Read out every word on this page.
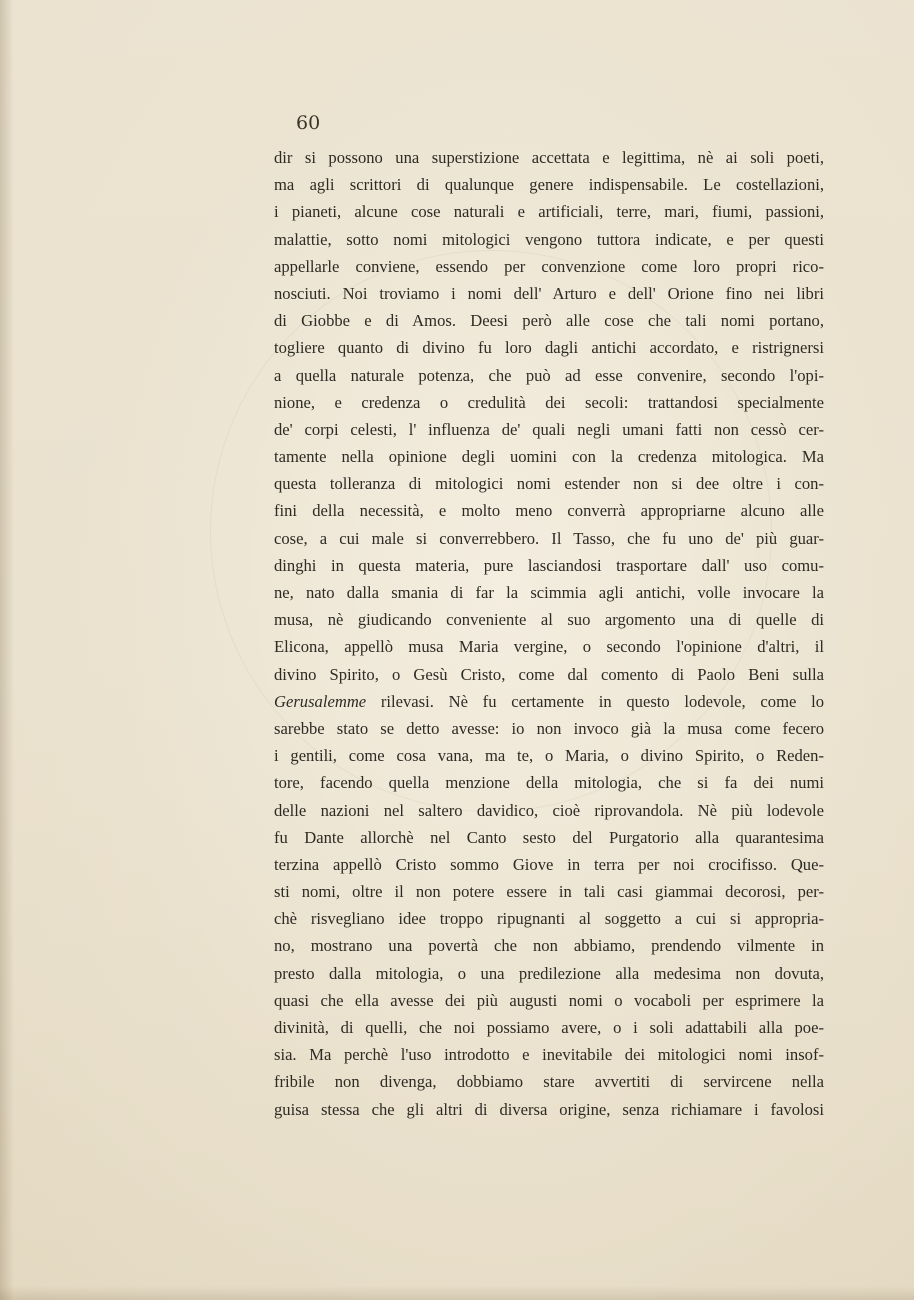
60
dir si possono una superstizione accettata e legittima, nè ai soli poeti,
ma agli scrittori di qualunque genere indispensabile. Le costellazioni,
i pianeti, alcune cose naturali e artificiali, terre, mari, fiumi, passioni,
malattie, sotto nomi mitologici vengono tuttora indicate, e per questi
appellarle conviene, essendo per convenzione come loro propri rico-
nosciuti. Noi troviamo i nomi dell' Arturo e dell' Orione fino nei libri
di Giobbe e di Amos. Deesi però alle cose che tali nomi portano,
togliere quanto di divino fu loro dagli antichi accordato, e ristrignersi
a quella naturale potenza, che può ad esse convenire, secondo l'opi-
nione, e credenza o credulità dei secoli: trattandosi specialmente
de' corpi celesti, l' influenza de' quali negli umani fatti non cessò cer-
tamente nella opinione degli uomini con la credenza mitologica. Ma
questa tolleranza di mitologici nomi estender non si dee oltre i con-
fini della necessità, e molto meno converrà appropriarne alcuno alle
cose, a cui male si converrebbero. Il Tasso, che fu uno de' più guar-
dinghi in questa materia, pure lasciandosi trasportare dall' uso comu-
ne, nato dalla smania di far la scimmia agli antichi, volle invocare la
musa, nè giudicando conveniente al suo argomento una di quelle di
Elicona, appellò musa Maria vergine, o secondo l'opinione d'altri, il
divino Spirito, o Gesù Cristo, come dal comento di Paolo Beni sulla
Gerusalemme rilevasi. Nè fu certamente in questo lodevole, come lo
sarebbe stato se detto avesse: io non invoco già la musa come fecero
i gentili, come cosa vana, ma te, o Maria, o divino Spirito, o Reden-
tore, facendo quella menzione della mitologia, che si fa dei numi
delle nazioni nel saltero davidico, cioè riprovandola. Nè più lodevole
fu Dante allorchè nel Canto sesto del Purgatorio alla quarantesima
terzina appellò Cristo sommo Giove in terra per noi crocifisso. Que-
sti nomi, oltre il non potere essere in tali casi giammai decorosi, per-
chè risvegliano idee troppo ripugnanti al soggetto a cui si appropria-
no, mostrano una povertà che non abbiamo, prendendo vilmente in
presto dalla mitologia, o una predilezione alla medesima non dovuta,
quasi che ella avesse dei più augusti nomi o vocaboli per esprimere la
divinità, di quelli, che noi possiamo avere, o i soli adattabili alla poe-
sia. Ma perchè l'uso introdotto e inevitabile dei mitologici nomi insof-
fribile non divenga, dobbiamo stare avvertiti di servircene nella
guisa stessa che gli altri di diversa origine, senza richiamare i favolosi
